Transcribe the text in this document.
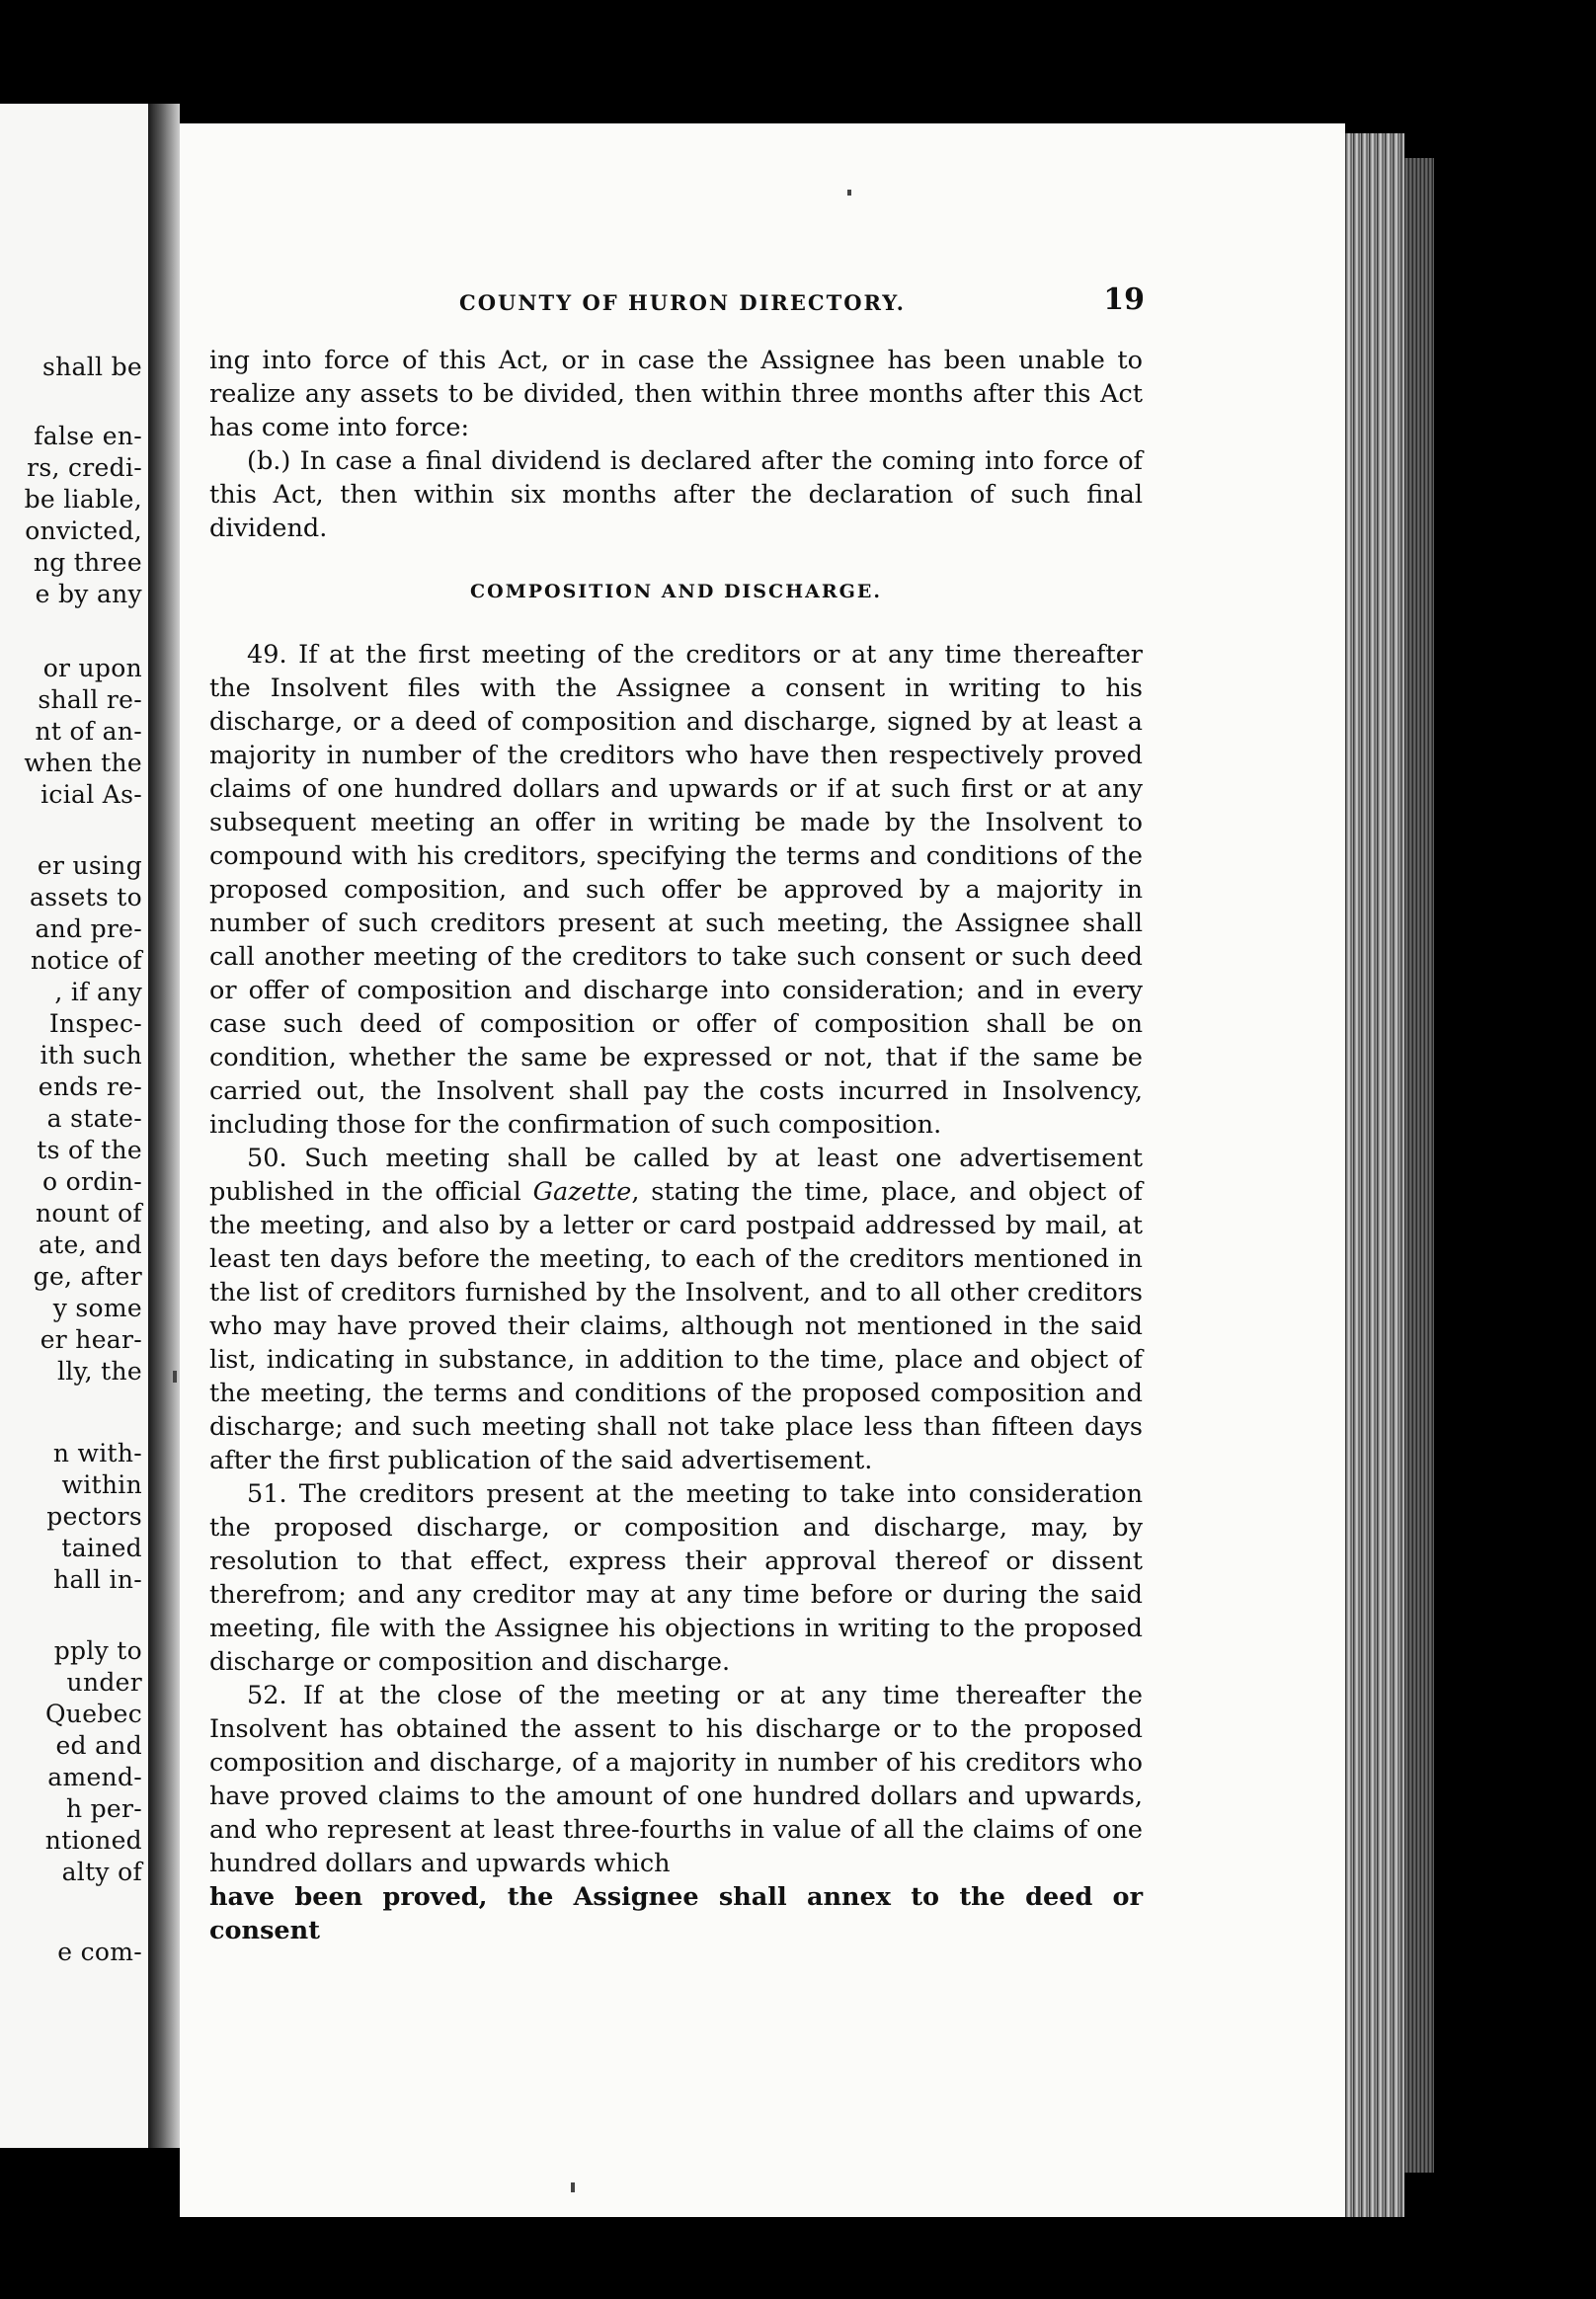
shall be
false en-
rs, credi-
be liable,
onvicted,
ng three
e by any
or upon
shall re-
nt of an-
when the
icial As-
er using
assets to
and pre-
notice of
, if any
Inspec-
ith such
ends re-
a state-
ts of the
o ordin-
nount of
ate, and
ge, after
y some
er hear-
lly, the
n with-
within
pectors
tained
hall in-
pply to
under
Quebec
ed and
amend-
h per-
ntioned
alty of
e com-
COUNTY OF HURON DIRECTORY.	19

ing into force of this Act, or in case the Assignee has been unable to realize any assets to be divided, then within three months after this Act has come into force:

(b.) In case a final dividend is declared after the coming into force of this Act, then within six months after the declaration of such final dividend.

COMPOSITION AND DISCHARGE.

49. If at the first meeting of the creditors or at any time thereafter the Insolvent files with the Assignee a consent in writing to his discharge, or a deed of composition and discharge, signed by at least a majority in number of the creditors who have then respectively proved claims of one hundred dollars and upwards or if at such first or at any subsequent meeting an offer in writing be made by the Insolvent to compound with his creditors, specifying the terms and conditions of the proposed composition, and such offer be approved by a majority in number of such creditors present at such meeting, the Assignee shall call another meeting of the creditors to take such consent or such deed or offer of composition and discharge into consideration; and in every case such deed of composition or offer of composition shall be on condition, whether the same be expressed or not, that if the same be carried out, the Insolvent shall pay the costs incurred in Insolvency, including those for the confirmation of such composition.

50. Such meeting shall be called by at least one advertisement published in the official Gazette, stating the time, place, and object of the meeting, and also by a letter or card postpaid addressed by mail, at least ten days before the meeting, to each of the creditors mentioned in the list of creditors furnished by the Insolvent, and to all other creditors who may have proved their claims, although not mentioned in the said list, indicating in substance, in addition to the time, place and object of the meeting, the terms and conditions of the proposed composition and discharge; and such meeting shall not take place less than fifteen days after the first publication of the said advertisement.

51. The creditors present at the meeting to take into consideration the proposed discharge, or composition and discharge, may, by resolution to that effect, express their approval thereof or dissent therefrom; and any creditor may at any time before or during the said meeting, file with the Assignee his objections in writing to the proposed discharge or composition and discharge.

52. If at the close of the meeting or at any time thereafter the Insolvent has obtained the assent to his discharge or to the proposed composition and discharge, of a majority in number of his creditors who have proved claims to the amount of one hundred dollars and upwards, and who represent at least three-fourths in value of all the claims of one hundred dollars and upwards which

have been proved, the Assignee shall annex to the deed or consent
